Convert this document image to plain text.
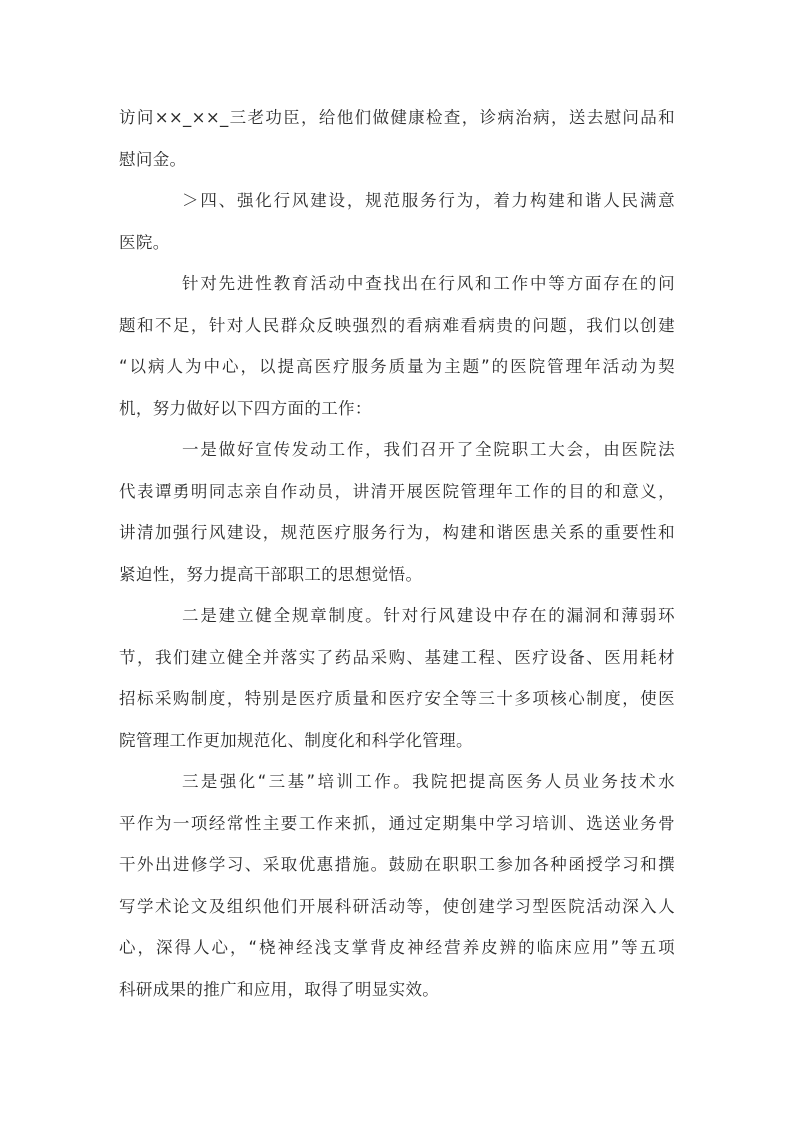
访问××_××_三老功臣，给他们做健康检查，诊病治病，送去慰问品和
慰问金。

＞四、强化行风建设，规范服务行为，着力构建和谐人民满意
医院。

针对先进性教育活动中查找出在行风和工作中等方面存在的问
题和不足，针对人民群众反映强烈的看病难看病贵的问题，我们以创建
“以病人为中心，以提高医疗服务质量为主题”的医院管理年活动为契
机，努力做好以下四方面的工作：

一是做好宣传发动工作，我们召开了全院职工大会，由医院法
代表谭勇明同志亲自作动员，讲清开展医院管理年工作的目的和意义，
讲清加强行风建设，规范医疗服务行为，构建和谐医患关系的重要性和
紧迫性，努力提高干部职工的思想觉悟。

二是建立健全规章制度。针对行风建设中存在的漏洞和薄弱环
节，我们建立健全并落实了药品采购、基建工程、医疗设备、医用耗材
招标采购制度，特别是医疗质量和医疗安全等三十多项核心制度，使医
院管理工作更加规范化、制度化和科学化管理。

三是强化“三基”培训工作。我院把提高医务人员业务技术水
平作为一项经常性主要工作来抓，通过定期集中学习培训、选送业务骨
干外出进修学习、采取优惠措施。鼓励在职职工参加各种函授学习和撰
写学术论文及组织他们开展科研活动等，使创建学习型医院活动深入人
心，深得人心，“桡神经浅支掌背皮神经营养皮辨的临床应用”等五项
科研成果的推广和应用，取得了明显实效。
